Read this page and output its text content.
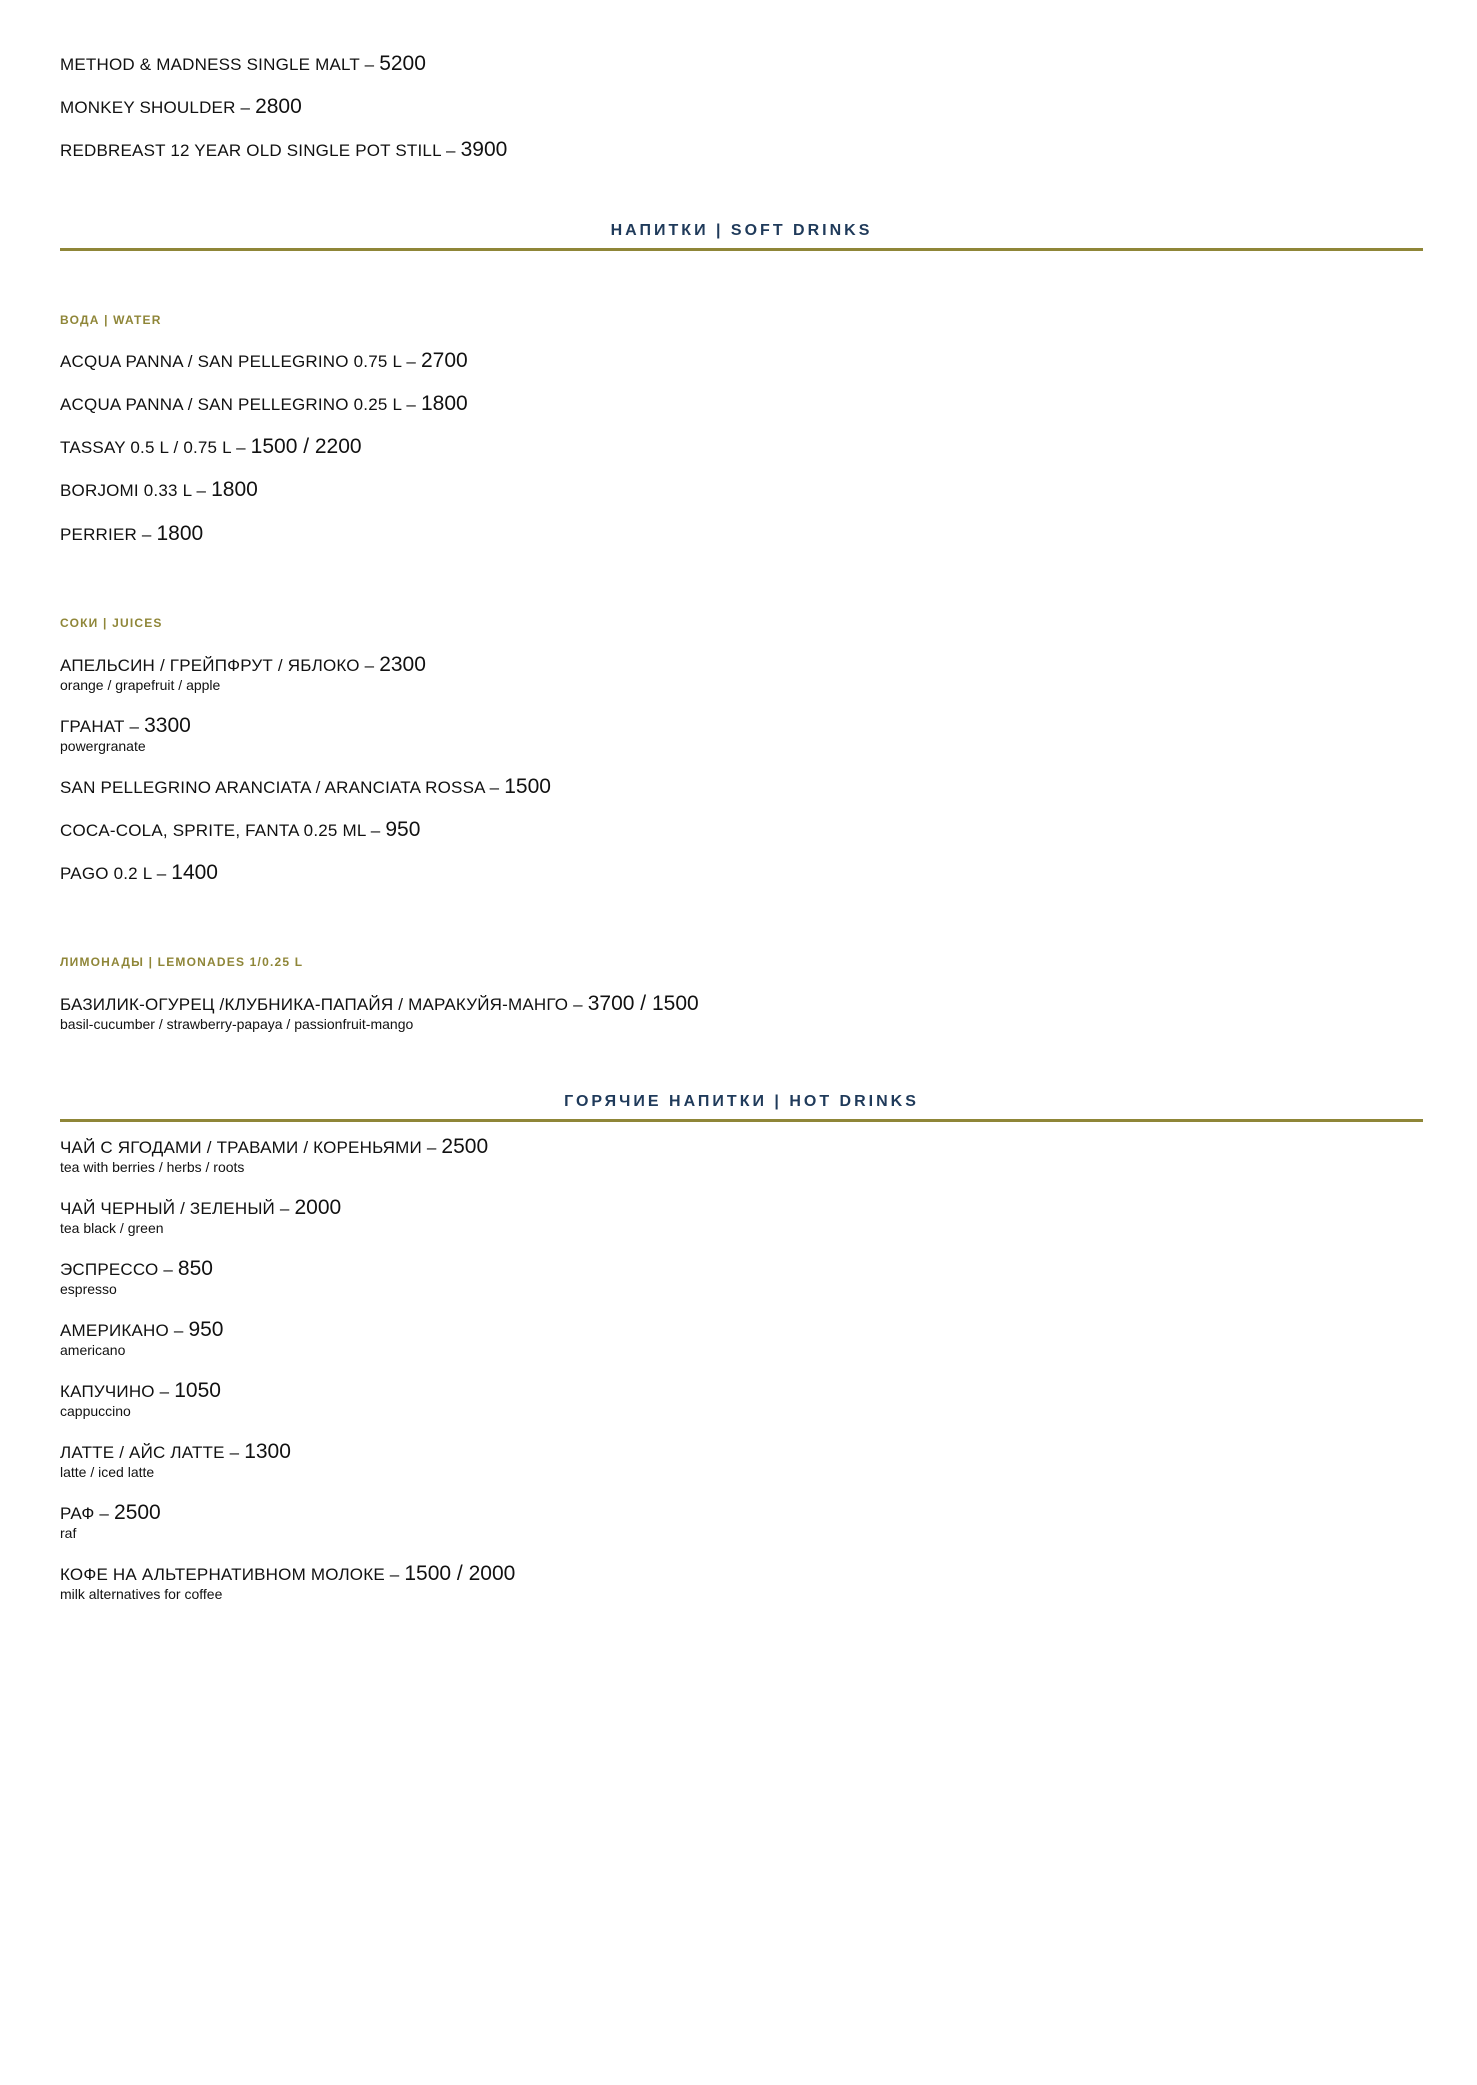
METHOD & MADNESS SINGLE MALT – 5200
MONKEY SHOULDER – 2800
REDBREAST 12 YEAR OLD SINGLE POT STILL – 3900
НАПИТКИ | SOFT DRINKS
ВОДА | WATER
ACQUA PANNA / SAN PELLEGRINO 0.75 L – 2700
ACQUA PANNA / SAN PELLEGRINO 0.25 L – 1800
TASSAY 0.5 L / 0.75 L – 1500 / 2200
BORJOMI 0.33 L – 1800
PERRIER – 1800
СОКИ | JUICES
АПЕЛЬСИН / ГРЕЙПФРУТ / ЯБЛОКО – 2300
orange / grapefruit / apple
ГРАНАТ – 3300
powergranate
SAN PELLEGRINO ARANCIATA / ARANCIATA ROSSA – 1500
COCA-COLA, SPRITE, FANTA 0.25 ML – 950
PAGO 0.2 L – 1400
ЛИМОНАДЫ | LEMONADES 1/0.25 L
БАЗИЛИК-ОГУРЕЦ /КЛУБНИКА-ПАПАЙЯ / МАРАКУЙЯ-МАНГО – 3700 / 1500
basil-cucumber / strawberry-papaya / passionfruit-mango
ГОРЯЧИЕ НАПИТКИ | HOT DRINKS
ЧАЙ С ЯГОДАМИ / ТРАВАМИ / КОРЕНЬЯМИ – 2500
tea with berries / herbs / roots
ЧАЙ ЧЕРНЫЙ / ЗЕЛЕНЫЙ – 2000
tea black / green
ЭСПРЕССО – 850
espresso
АМЕРИКАНО – 950
americano
КАПУЧИНО – 1050
cappuccino
ЛАТТЕ / АЙС ЛАТТЕ – 1300
latte / iced latte
РАФ – 2500
raf
КОФЕ НА АЛЬТЕРНАТИВНОМ МОЛОКЕ – 1500 / 2000
milk alternatives for coffee
